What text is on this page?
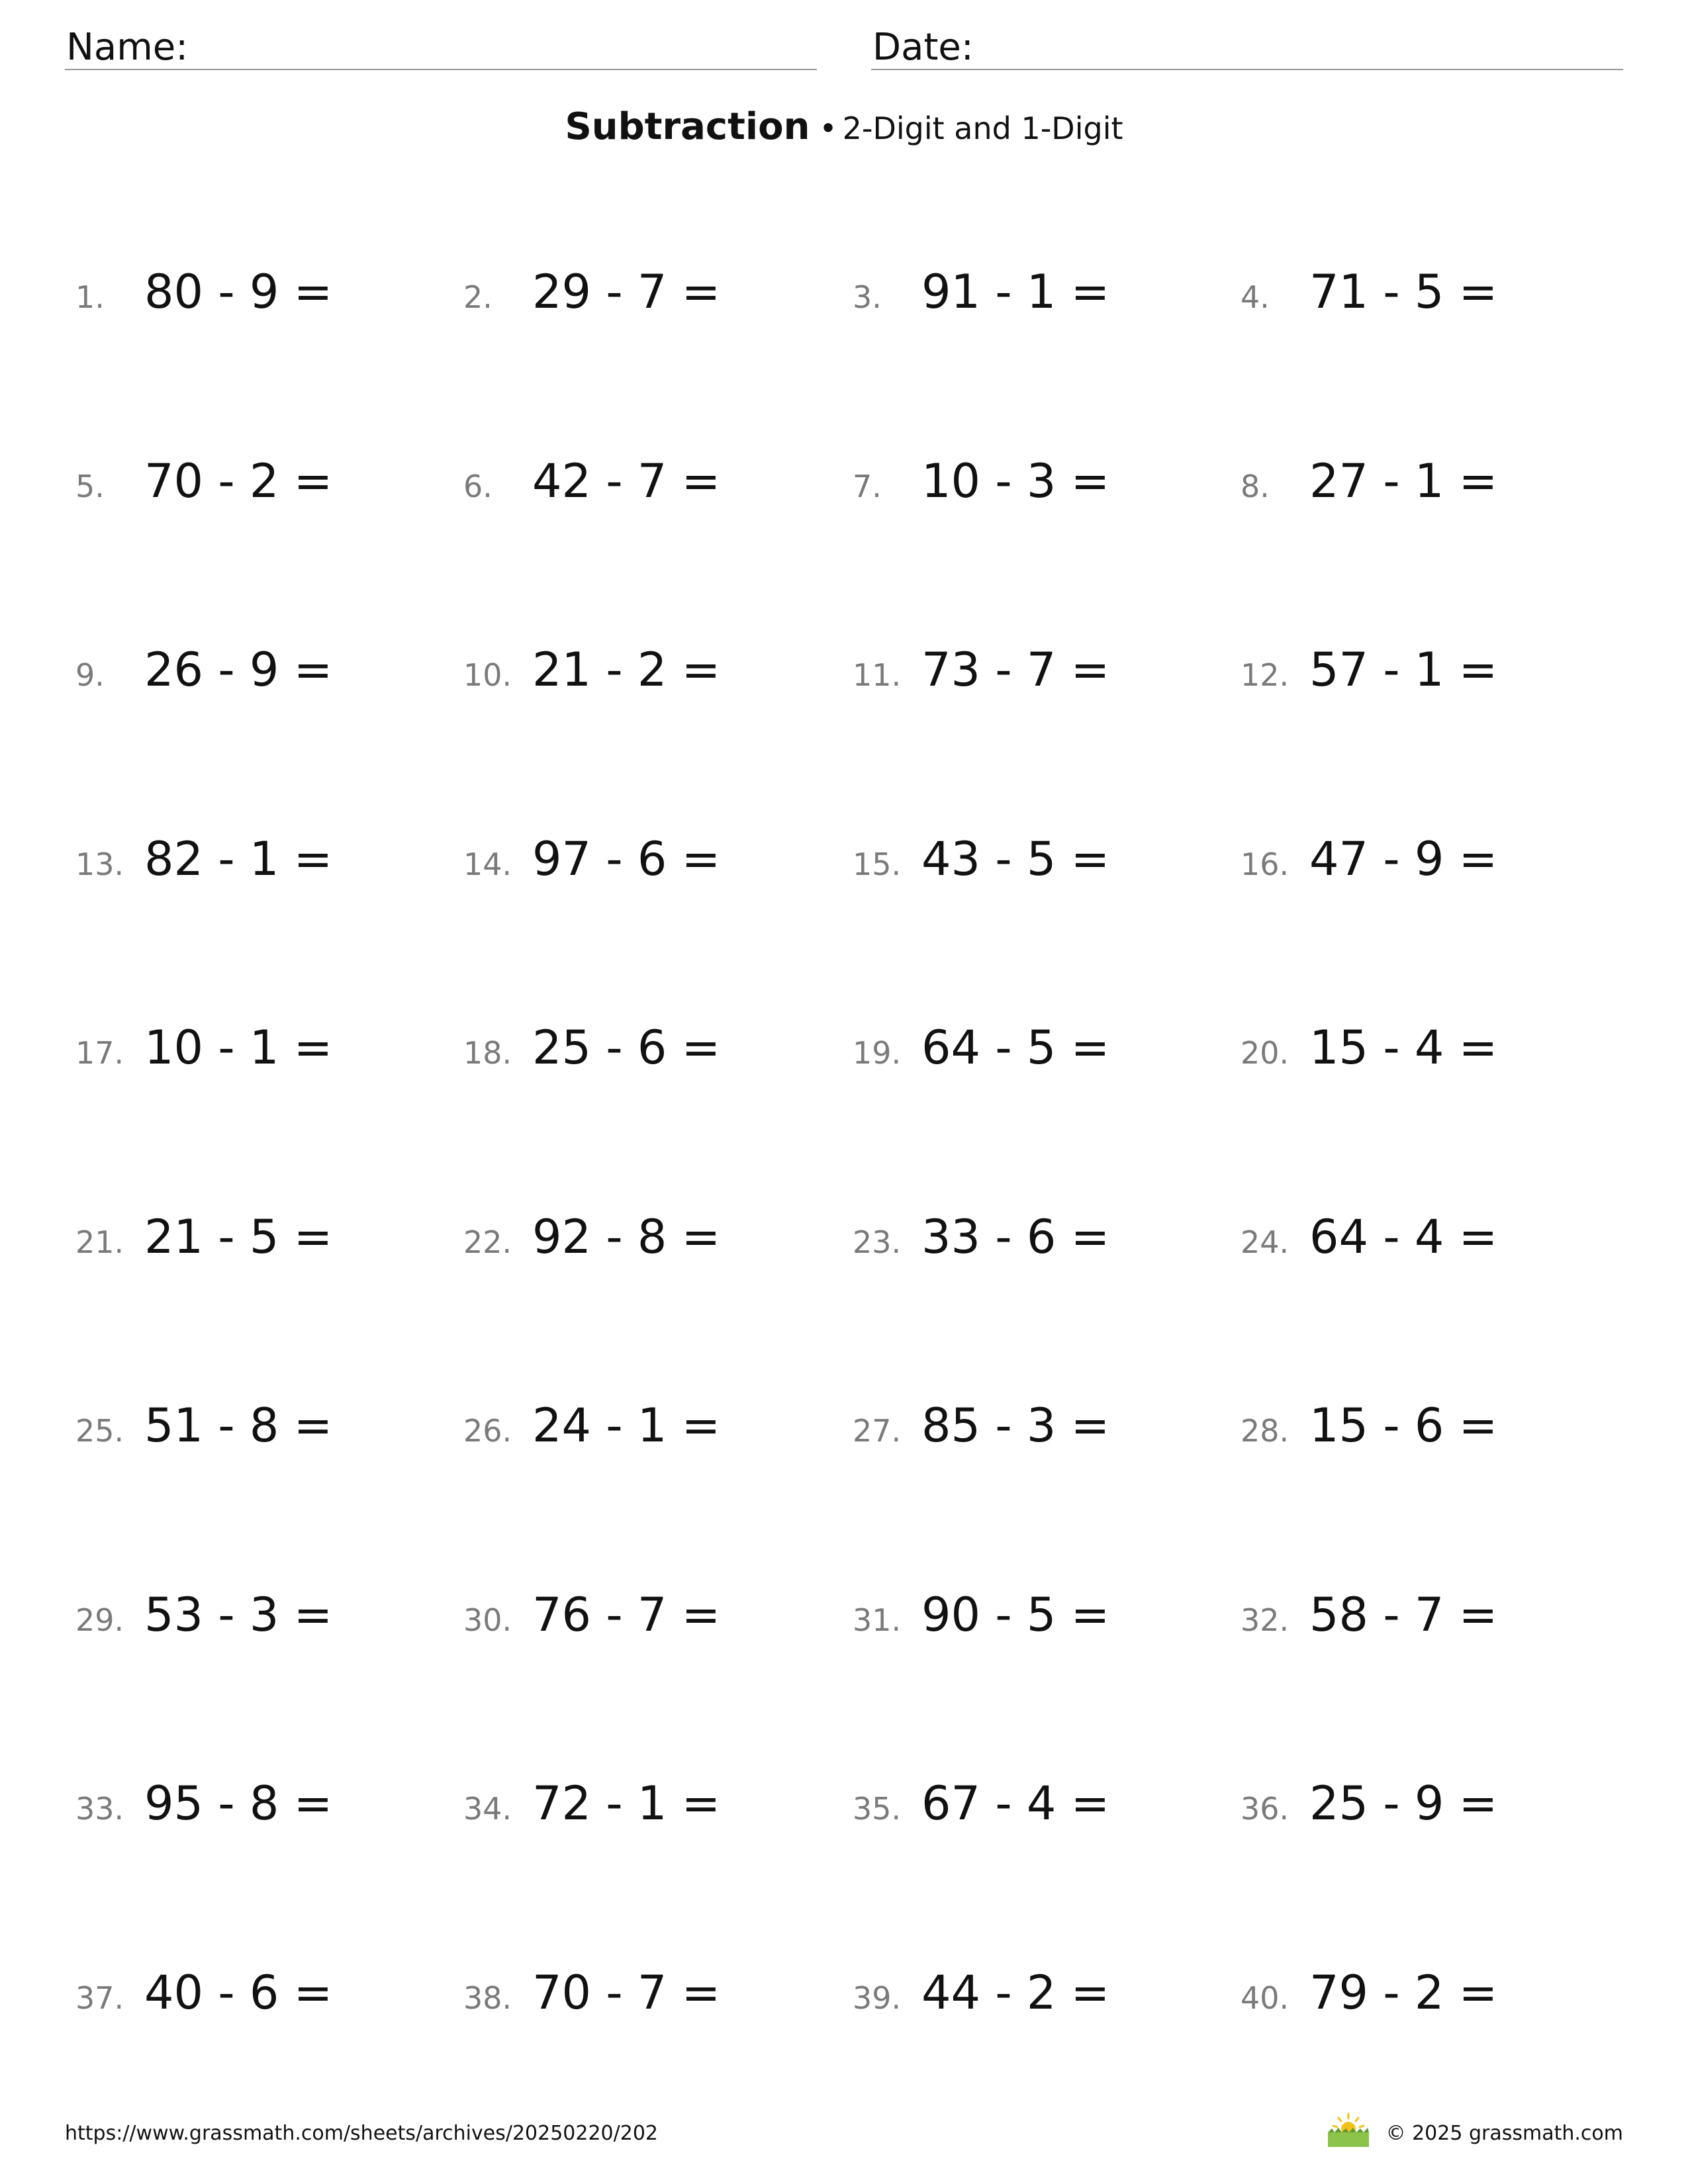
Name:	Date:
Subtraction • 2-Digit and 1-Digit
1. 80 - 9 =	2. 29 - 7 =	3. 91 - 1 =	4. 71 - 5 =
5. 70 - 2 =	6. 42 - 7 =	7. 10 - 3 =	8. 27 - 1 =
9. 26 - 9 =	10. 21 - 2 =	11. 73 - 7 =	12. 57 - 1 =
13. 82 - 1 =	14. 97 - 6 =	15. 43 - 5 =	16. 47 - 9 =
17. 10 - 1 =	18. 25 - 6 =	19. 64 - 5 =	20. 15 - 4 =
21. 21 - 5 =	22. 92 - 8 =	23. 33 - 6 =	24. 64 - 4 =
25. 51 - 8 =	26. 24 - 1 =	27. 85 - 3 =	28. 15 - 6 =
29. 53 - 3 =	30. 76 - 7 =	31. 90 - 5 =	32. 58 - 7 =
33. 95 - 8 =	34. 72 - 1 =	35. 67 - 4 =	36. 25 - 9 =
37. 40 - 6 =	38. 70 - 7 =	39. 44 - 2 =	40. 79 - 2 =
https://www.grassmath.com/sheets/archives/20250220/202	© 2025 grassmath.com
